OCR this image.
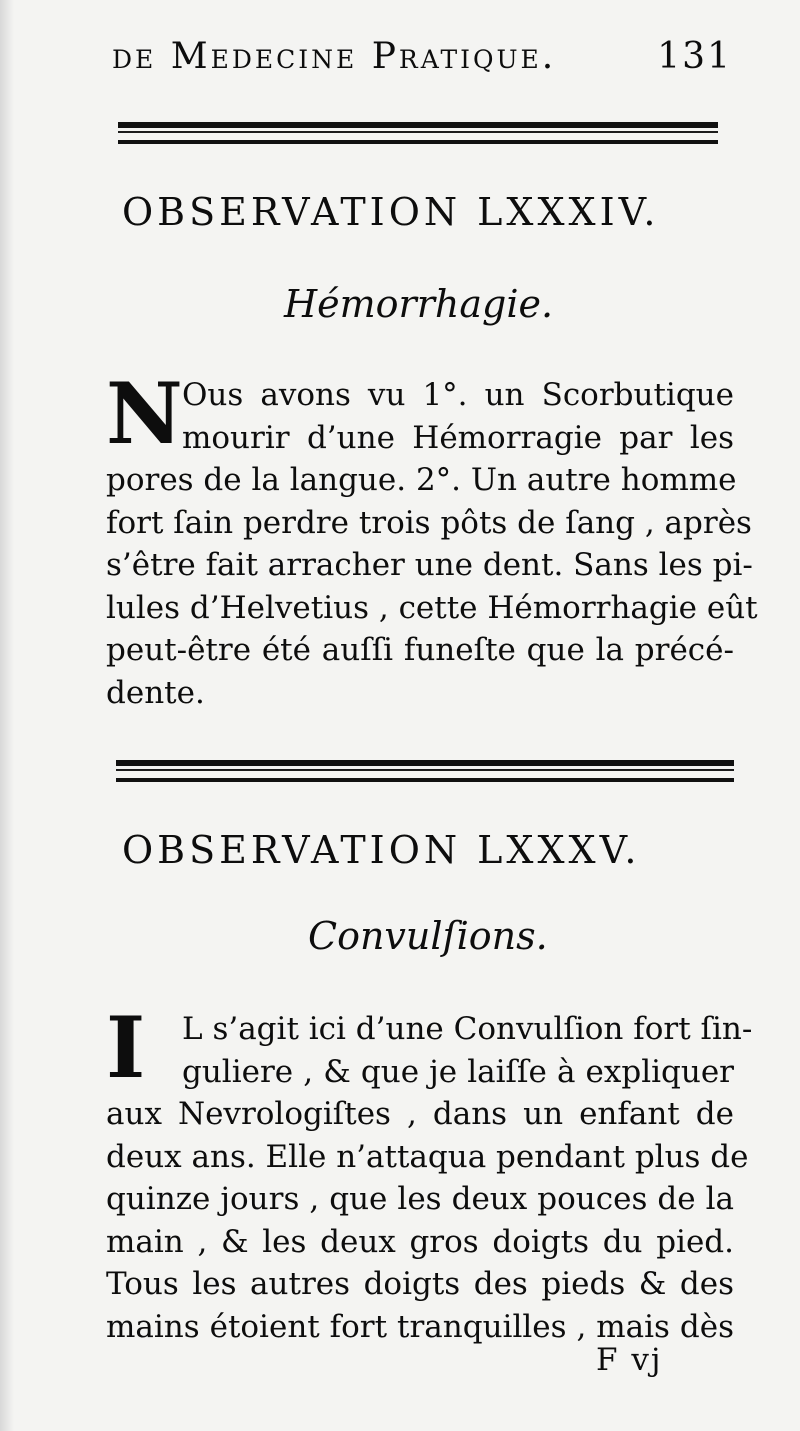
de Medecine Pratique.	131
OBSERVATION LXXXIV.
Hémorrhagie.
N Ous avons vu 1°. un Scorbutique
mourir d’une Hémorragie par les
pores de la langue. 2°. Un autre homme
fort ſain perdre trois pôts de ſang , après
s’être fait arracher une dent. Sans les pi-
lules d’Helvetius , cette Hémorrhagie eût
peut-être été auſſi funeſte que la précé-
dente.
OBSERVATION LXXXV.
Convulſions.
I	L s’agit ici d’une Convulſion fort ſin-
guliere , & que je laiſſe à expliquer
aux Nevrologiſtes , dans un enfant de
deux ans. Elle n’attaqua pendant plus de
quinze jours , que les deux pouces de la
main , & les deux gros doigts du pied.
Tous les autres doigts des pieds & des
mains étoient fort tranquilles , mais dès
F vj
